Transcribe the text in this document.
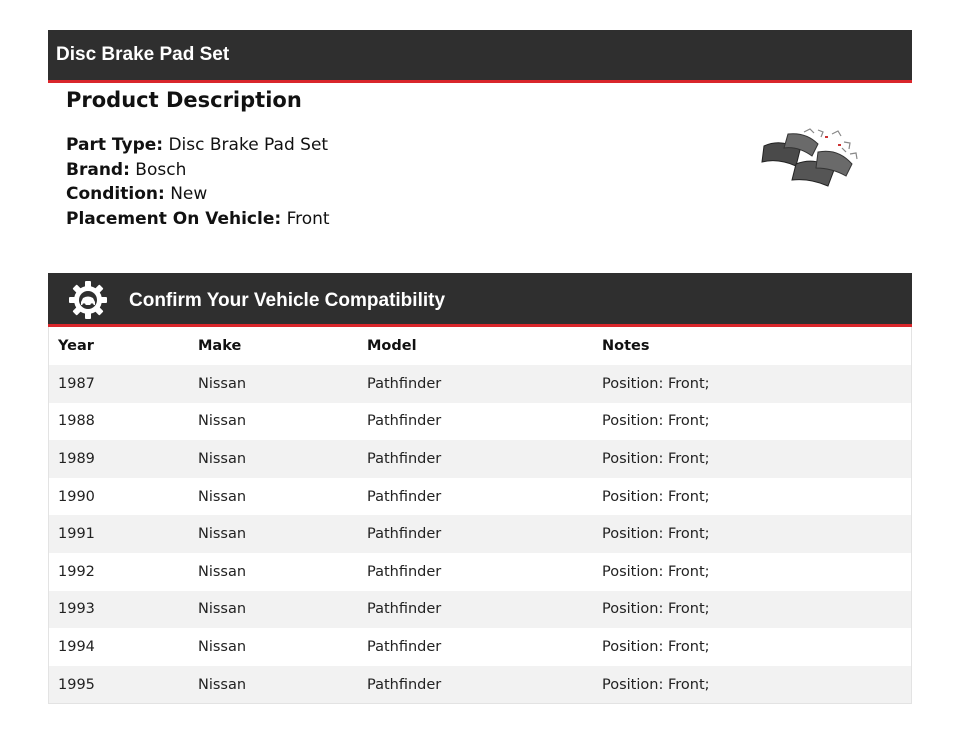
Disc Brake Pad Set
Product Description
Part Type: Disc Brake Pad Set
Brand: Bosch
Condition: New
Placement On Vehicle: Front
Confirm Your Vehicle Compatibility
Year	Make	Model	Notes
1987	Nissan	Pathfinder	Position: Front;
1988	Nissan	Pathfinder	Position: Front;
1989	Nissan	Pathfinder	Position: Front;
1990	Nissan	Pathfinder	Position: Front;
1991	Nissan	Pathfinder	Position: Front;
1992	Nissan	Pathfinder	Position: Front;
1993	Nissan	Pathfinder	Position: Front;
1994	Nissan	Pathfinder	Position: Front;
1995	Nissan	Pathfinder	Position: Front;
